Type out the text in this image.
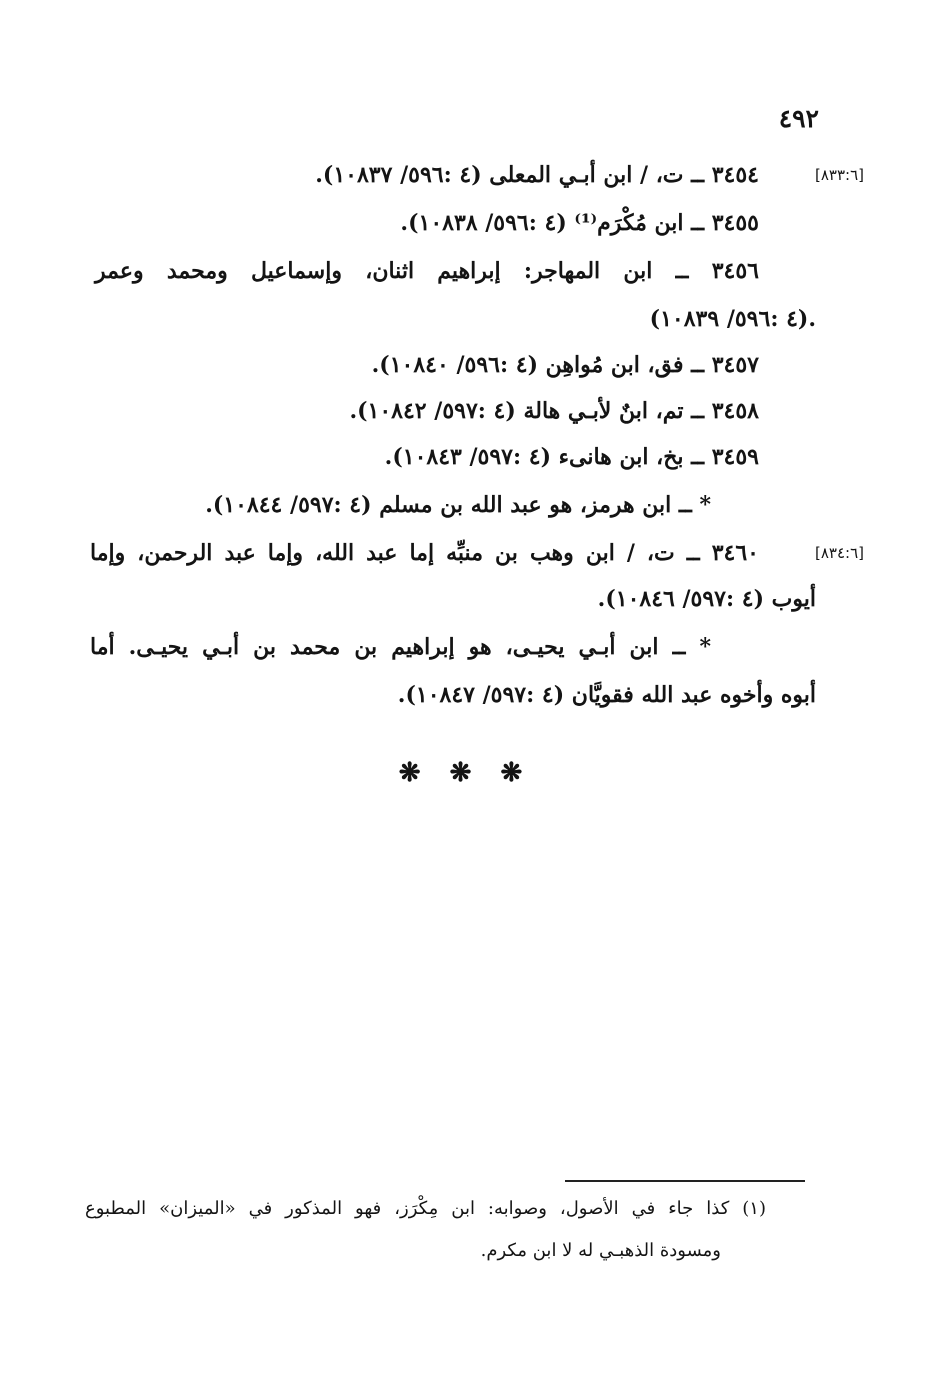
٤٩٢
[٨٣٣:٦]
٣٤٥٤ ــ ت، / ابن أبـي المعلى (٤ :٥٩٦/ ١٠٨٣٧).
٣٤٥٥ ــ ابن مُكْرَم⁽¹⁾ (٤ :٥٩٦/ ١٠٨٣٨).
٣٤٥٦ ــ ابن المهاجر: إبراهيم اثنان، وإسماعيل ومحمد وعمر
(٤ :٥٩٦/ ١٠٨٣٩).
٣٤٥٧ ــ فق، ابن مُواهِن (٤ :٥٩٦/ ١٠٨٤٠).
٣٤٥٨ ــ تم، ابنٌ لأبـي هالة (٤ :٥٩٧/ ١٠٨٤٢).
٣٤٥٩ ــ بخ، ابن هانىء (٤ :٥٩٧/ ١٠٨٤٣).
* ــ ابن هرمز، هو عبد الله بن مسلم (٤ :٥٩٧/ ١٠٨٤٤).
[٨٣٤:٦]
٣٤٦٠ ــ ت، / ابن وهب بن منبِّه إما عبد الله، وإما عبد الرحمن، وإما
أيوب (٤ :٥٩٧/ ١٠٨٤٦).
* ــ ابن أبـي يحيـى، هو إبراهيم بن محمد بن أبـي يحيـى. أما
أبوه وأخوه عبد الله فقويَّان (٤ :٥٩٧/ ١٠٨٤٧).
❋ ❋ ❋
(١) كذا جاء في الأصول، وصوابه: ابن مِكْرَز، فهو المذكور في «الميزان» المطبوع
ومسودة الذهبـي له لا ابن مكرم.
